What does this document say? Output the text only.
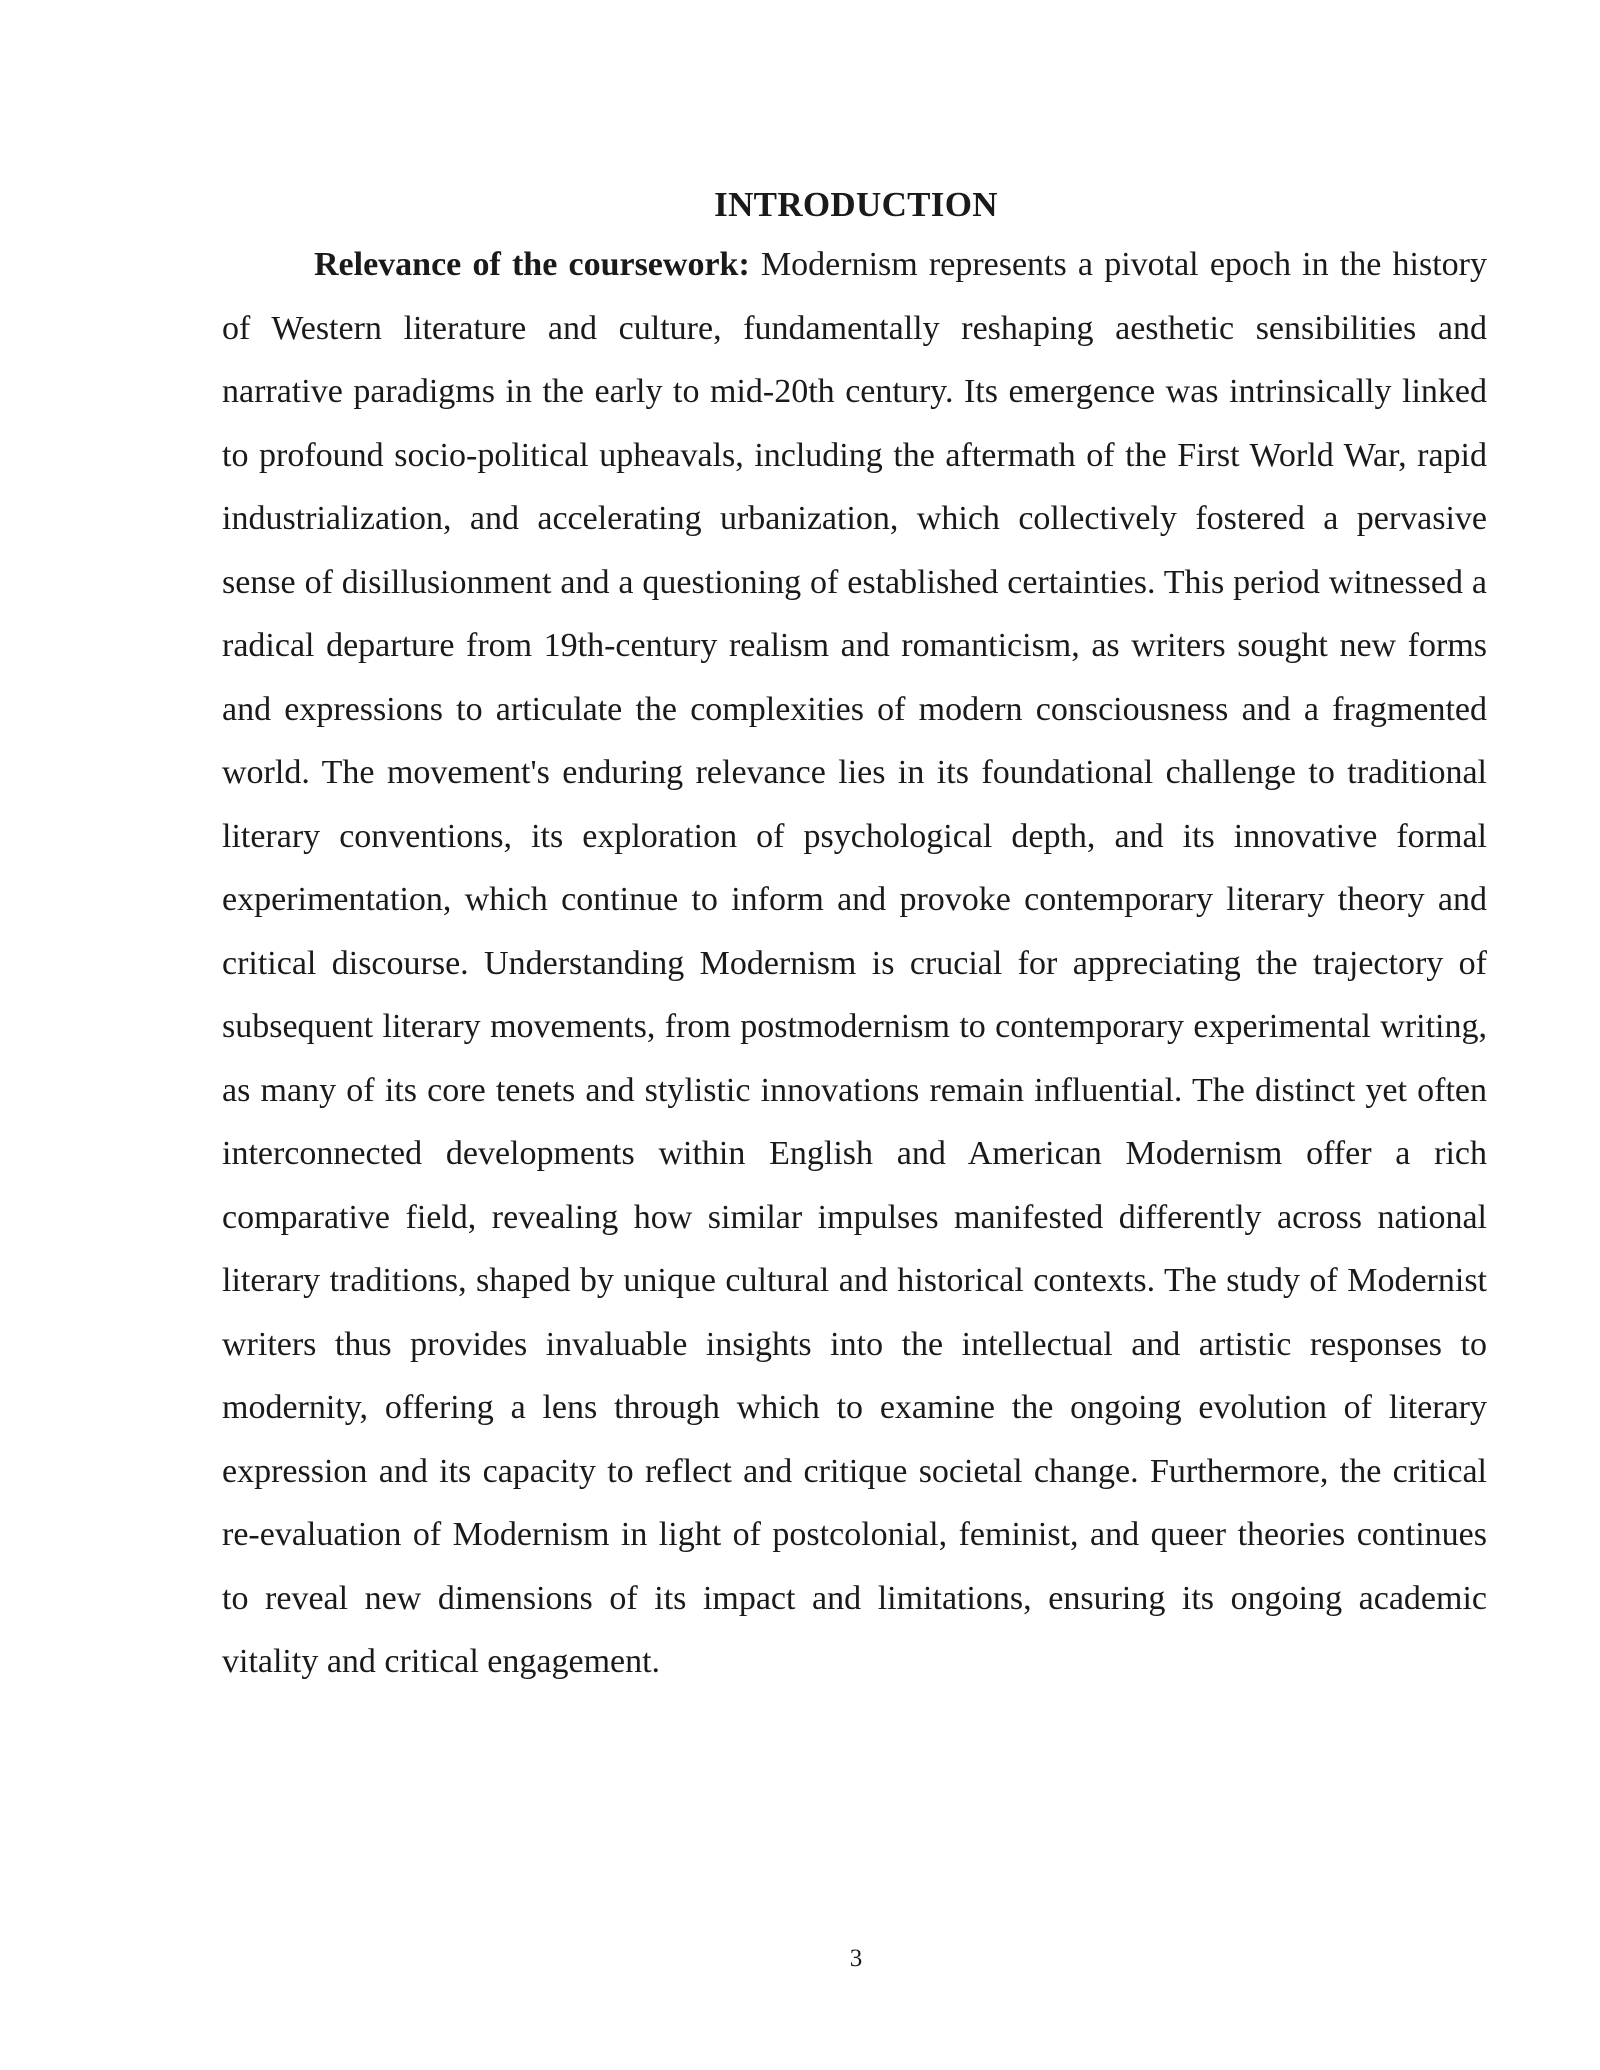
INTRODUCTION

Relevance of the coursework: Modernism represents a pivotal epoch in the history of Western literature and culture, fundamentally reshaping aesthetic sensibilities and narrative paradigms in the early to mid-20th century. Its emergence was intrinsically linked to profound socio-political upheavals, including the aftermath of the First World War, rapid industrialization, and accelerating urbanization, which collectively fostered a pervasive sense of disillusionment and a questioning of established certainties. This period witnessed a radical departure from 19th-century realism and romanticism, as writers sought new forms and expressions to articulate the complexities of modern consciousness and a fragmented world. The movement's enduring relevance lies in its foundational challenge to traditional literary conventions, its exploration of psychological depth, and its innovative formal experimentation, which continue to inform and provoke contemporary literary theory and critical discourse. Understanding Modernism is crucial for appreciating the trajectory of subsequent literary movements, from postmodernism to contemporary experimental writing, as many of its core tenets and stylistic innovations remain influential. The distinct yet often interconnected developments within English and American Modernism offer a rich comparative field, revealing how similar impulses manifested differently across national literary traditions, shaped by unique cultural and historical contexts. The study of Modernist writers thus provides invaluable insights into the intellectual and artistic responses to modernity, offering a lens through which to examine the ongoing evolution of literary expression and its capacity to reflect and critique societal change. Furthermore, the critical re-evaluation of Modernism in light of postcolonial, feminist, and queer theories continues to reveal new dimensions of its impact and limitations, ensuring its ongoing academic vitality and critical engagement.

3
